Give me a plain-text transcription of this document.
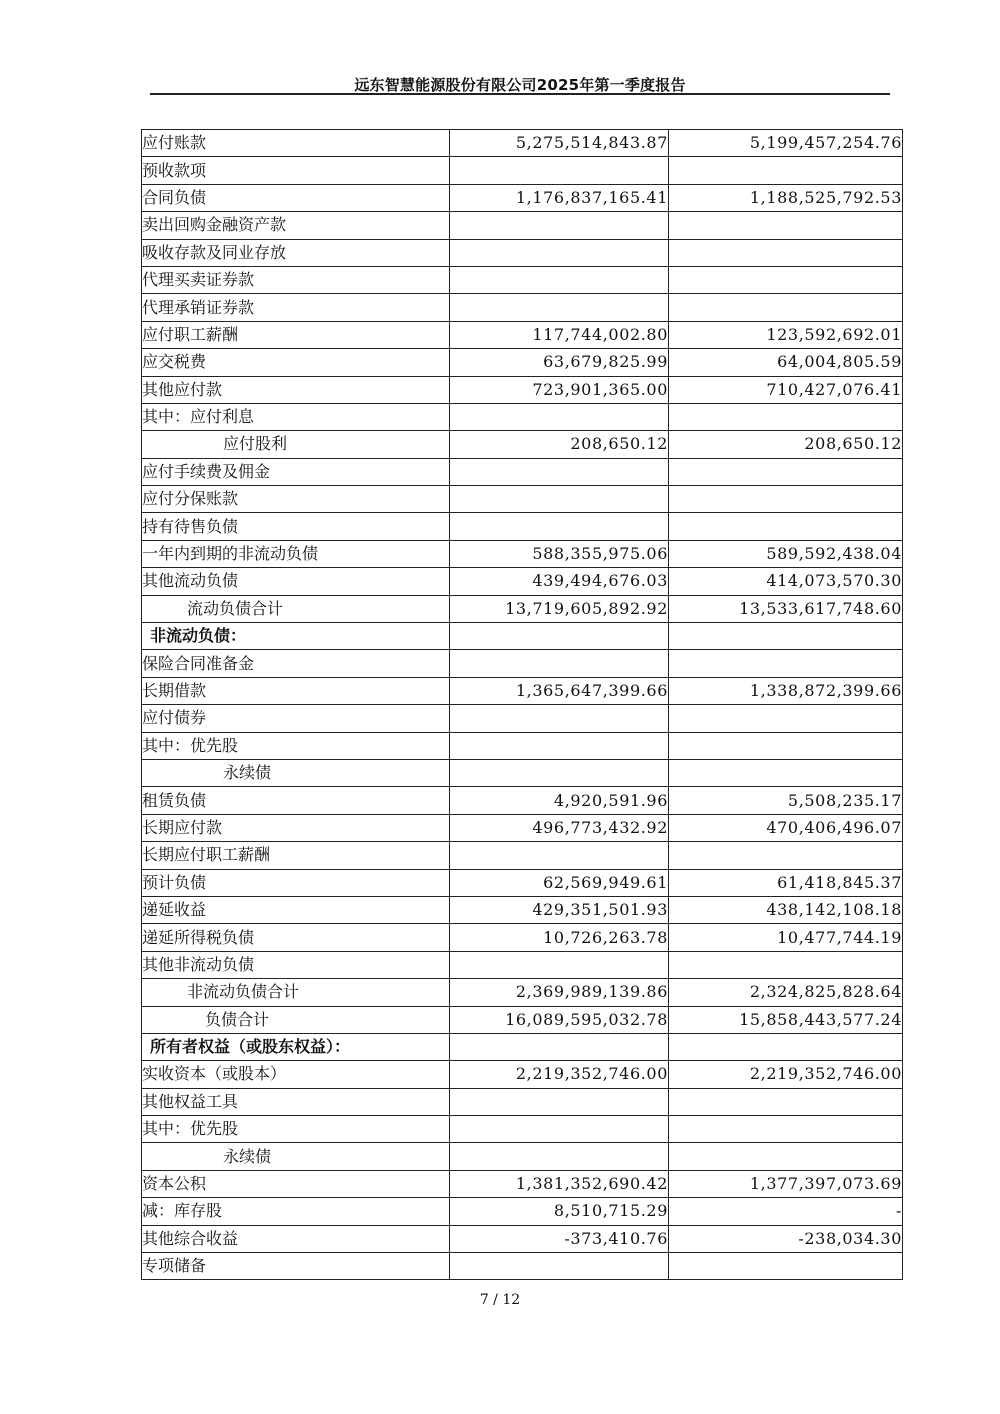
远东智慧能源股份有限公司2025年第一季度报告
应付账款	5,275,514,843.87	5,199,457,254.76
预收款项		
合同负债	1,176,837,165.41	1,188,525,792.53
卖出回购金融资产款		
吸收存款及同业存放		
代理买卖证券款		
代理承销证券款		
应付职工薪酬	117,744,002.80	123,592,692.01
应交税费	63,679,825.99	64,004,805.59
其他应付款	723,901,365.00	710,427,076.41
其中：应付利息		
应付股利	208,650.12	208,650.12
应付手续费及佣金		
应付分保账款		
持有待售负债		
一年内到期的非流动负债	588,355,975.06	589,592,438.04
其他流动负债	439,494,676.03	414,073,570.30
流动负债合计	13,719,605,892.92	13,533,617,748.60
非流动负债：		
保险合同准备金		
长期借款	1,365,647,399.66	1,338,872,399.66
应付债券		
其中：优先股		
永续债		
租赁负债	4,920,591.96	5,508,235.17
长期应付款	496,773,432.92	470,406,496.07
长期应付职工薪酬		
预计负债	62,569,949.61	61,418,845.37
递延收益	429,351,501.93	438,142,108.18
递延所得税负债	10,726,263.78	10,477,744.19
其他非流动负债		
非流动负债合计	2,369,989,139.86	2,324,825,828.64
负债合计	16,089,595,032.78	15,858,443,577.24
所有者权益（或股东权益）：		
实收资本（或股本）	2,219,352,746.00	2,219,352,746.00
其他权益工具		
其中：优先股		
永续债		
资本公积	1,381,352,690.42	1,377,397,073.69
减：库存股	8,510,715.29	-
其他综合收益	-373,410.76	-238,034.30
专项储备		
7 / 12
